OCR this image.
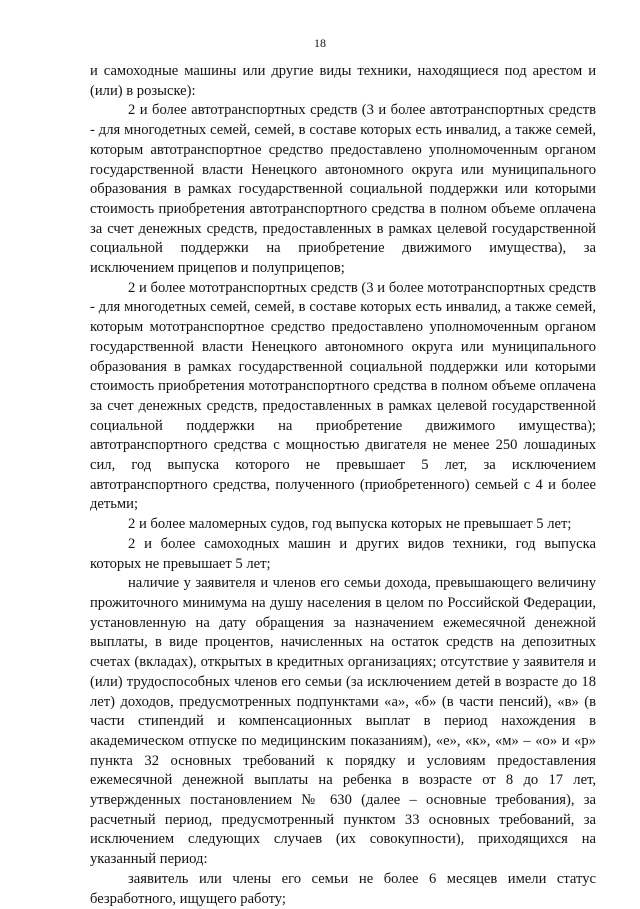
18

и самоходные машины или другие виды техники, находящиеся под арестом и (или) в розыске):

2 и более автотранспортных средств (3 и более автотранспортных средств - для многодетных семей, семей, в составе которых есть инвалид, а также семей, которым автотранспортное средство предоставлено уполномоченным органом государственной власти Ненецкого автономного округа или муниципального образования в рамках государственной социальной поддержки или которыми стоимость приобретения автотранспортного средства в полном объеме оплачена за счет денежных средств, предоставленных в рамках целевой государственной социальной поддержки на приобретение движимого имущества), за исключением прицепов и полуприцепов;

2 и более мототранспортных средств (3 и более мототранспортных средств - для многодетных семей, семей, в составе которых есть инвалид, а также семей, которым мототранспортное средство предоставлено уполномоченным органом государственной власти Ненецкого автономного округа или муниципального образования в рамках государственной социальной поддержки или которыми стоимость приобретения мототранспортного средства в полном объеме оплачена за счет денежных средств, предоставленных в рамках целевой государственной социальной поддержки на приобретение движимого имущества); автотранспортного средства с мощностью двигателя не менее 250 лошадиных сил, год выпуска которого не превышает 5 лет, за исключением автотранспортного средства, полученного (приобретенного) семьей с 4 и более детьми;

2 и более маломерных судов, год выпуска которых не превышает 5 лет;

2 и более самоходных машин и других видов техники, год выпуска которых не превышает 5 лет;

наличие у заявителя и членов его семьи дохода, превышающего величину прожиточного минимума на душу населения в целом по Российской Федерации, установленную на дату обращения за назначением ежемесячной денежной выплаты, в виде процентов, начисленных на остаток средств на депозитных счетах (вкладах), открытых в кредитных организациях; отсутствие у заявителя и (или) трудоспособных членов его семьи (за исключением детей в возрасте до 18 лет) доходов, предусмотренных подпунктами «а», «б» (в части пенсий), «в» (в части стипендий и компенсационных выплат в период нахождения в академическом отпуске по медицинским показаниям), «е», «к», «м» – «о» и «р» пункта 32 основных требований к порядку и условиям предоставления ежемесячной денежной выплаты на ребенка в возрасте от 8 до 17 лет, утвержденных постановлением № 630 (далее – основные требования), за расчетный период, предусмотренный пунктом 33 основных требований, за исключением следующих случаев (их совокупности), приходящихся на указанный период:

заявитель или члены его семьи не более 6 месяцев имели статус безработного, ищущего работу;
